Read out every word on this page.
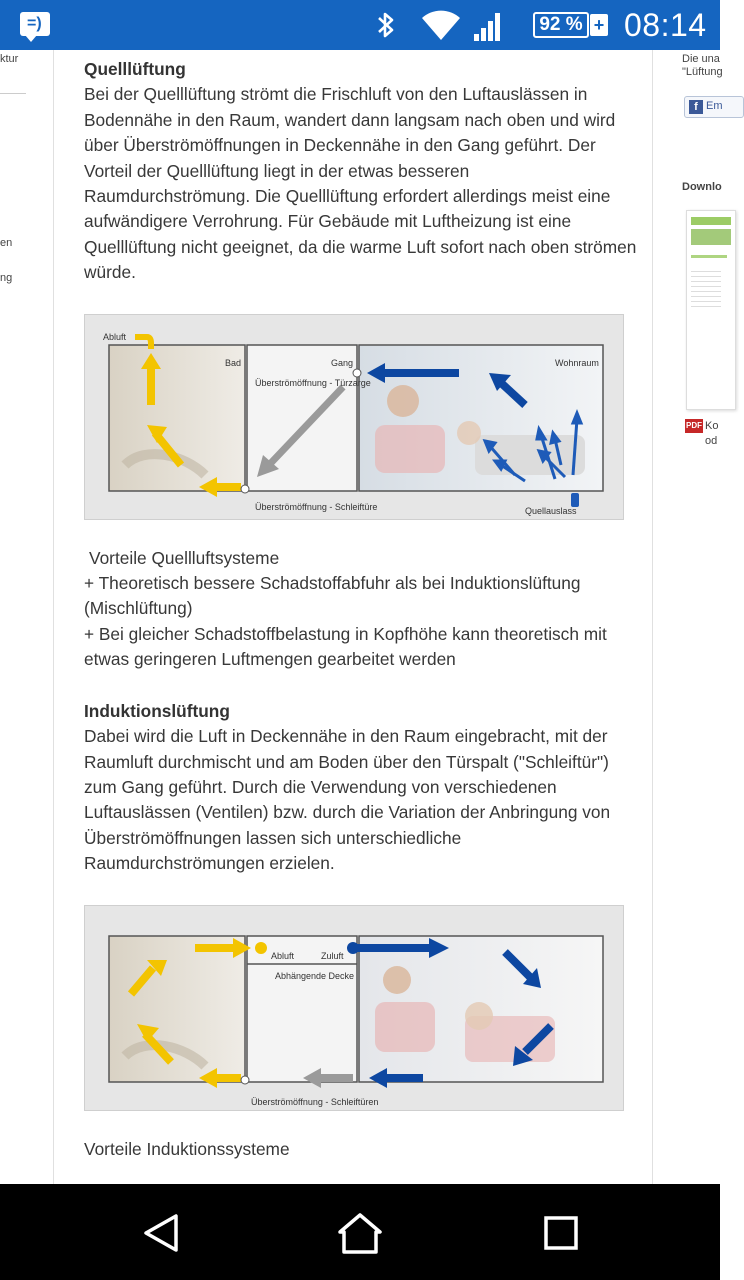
=)	92 % + 08:14
ktur
en
ng
Die una
"Lüftung
f Em
Downlo
PDF Ko
od
Quelllüftung
Bei der Quelllüftung strömt die Frischluft von den Luftauslässen in Bodennähe in den Raum, wandert dann langsam nach oben und wird über Überströmöffnungen in Deckennähe in den Gang geführt. Der Vorteil der Quelllüftung liegt in der etwas besseren Raumdurchströmung. Die Quelllüftung erfordert allerdings meist eine aufwändigere Verrohrung. Für Gebäude mit Luftheizung ist eine Quelllüftung nicht geeignet, da die warme Luft sofort nach oben strömen würde.
Abluft
Bad	Gang	Wohnraum
Überströmöffnung - Türzarge
Überströmöffnung - Schleiftüre	Quellauslass
Vorteile Quellluftsysteme
+ Theoretisch bessere Schadstoffabfuhr als bei Induktionslüftung (Mischlüftung)
+ Bei gleicher Schadstoffbelastung in Kopfhöhe kann theoretisch mit etwas geringeren Luftmengen gearbeitet werden
Induktionslüftung
Dabei wird die Luft in Deckennähe in den Raum eingebracht, mit der Raumluft durchmischt und am Boden über den Türspalt ("Schleiftür") zum Gang geführt. Durch die Verwendung von verschiedenen Luftauslässen (Ventilen) bzw. durch die Variation der Anbringung von Überströmöffnungen lassen sich unterschiedliche Raumdurchströmungen erzielen.
Abluft	Zuluft
Abhängende Decke
Überströmöffnung - Schleiftüren
Vorteile Induktionssysteme
